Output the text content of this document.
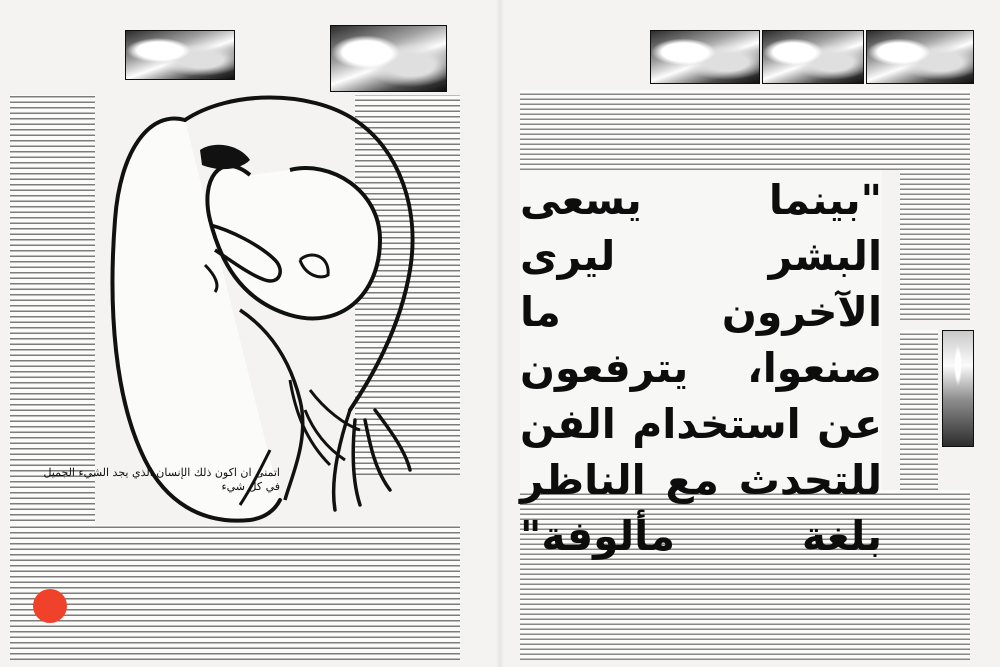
اتمنى ان اكون ذلك الإنسان الذي يجد الشيء الجميل في كل شيء

"بينما يسعى البشر ليرى الآخرون ما صنعوا، يترفعون عن استخدام الفن للتحدث مع الناظر بلغة مألوفة"
